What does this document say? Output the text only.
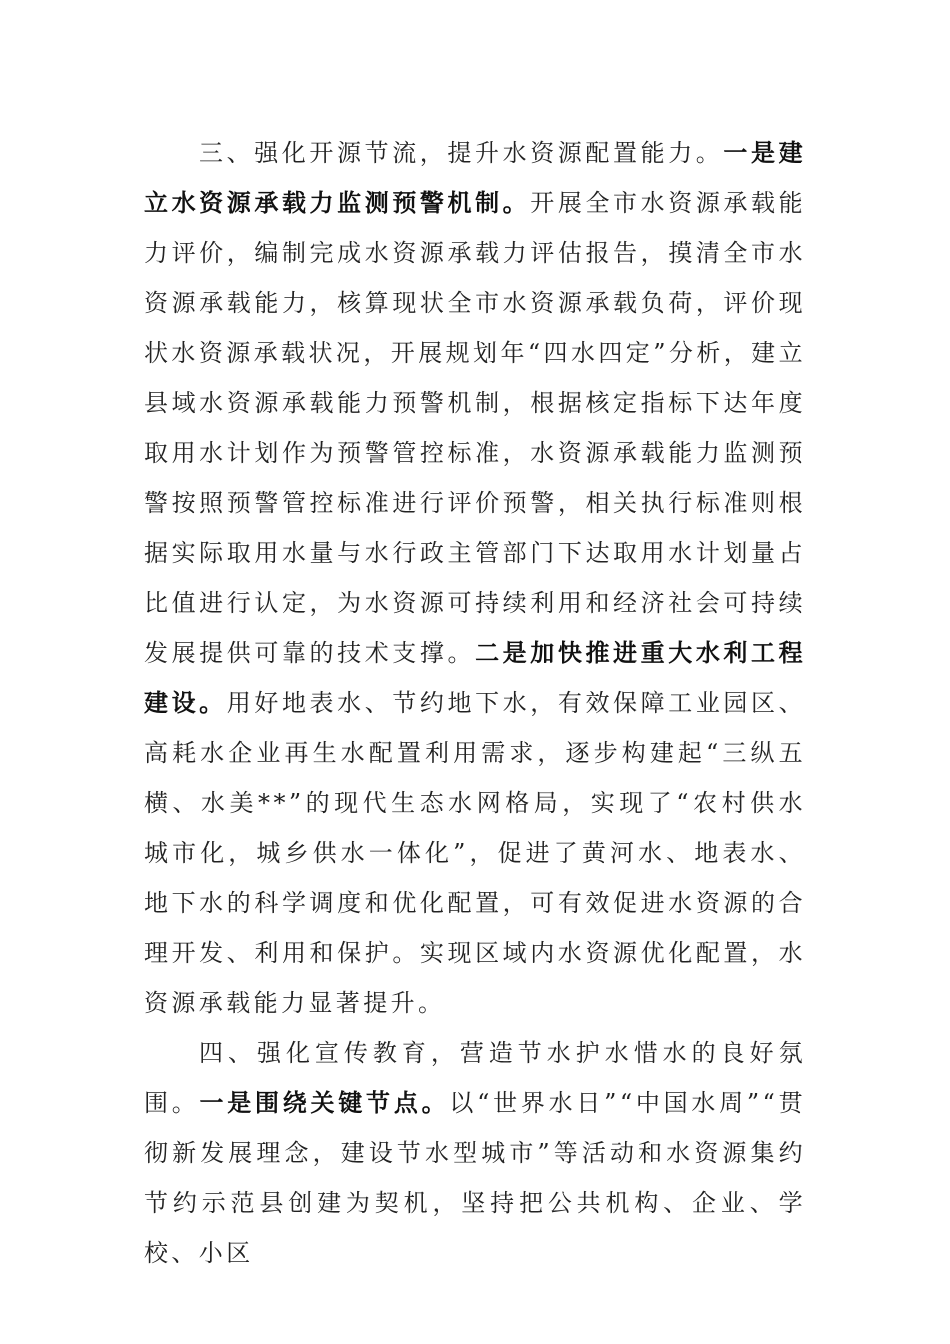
三、强化开源节流，提升水资源配置能力。一是建立水资源承载力监测预警机制。开展全市水资源承载能力评价，编制完成水资源承载力评估报告，摸清全市水资源承载能力，核算现状全市水资源承载负荷，评价现状水资源承载状况，开展规划年“四水四定”分析，建立县域水资源承载能力预警机制，根据核定指标下达年度取用水计划作为预警管控标准，水资源承载能力监测预警按照预警管控标准进行评价预警，相关执行标准则根据实际取用水量与水行政主管部门下达取用水计划量占比值进行认定，为水资源可持续利用和经济社会可持续发展提供可靠的技术支撑。二是加快推进重大水利工程建设。用好地表水、节约地下水，有效保障工业园区、高耗水企业再生水配置利用需求，逐步构建起“三纵五横、水美**”的现代生态水网格局，实现了“农村供水城市化，城乡供水一体化”，促进了黄河水、地表水、地下水的科学调度和优化配置，可有效促进水资源的合理开发、利用和保护。实现区域内水资源优化配置，水资源承载能力显著提升。

四、强化宣传教育，营造节水护水惜水的良好氛围。一是围绕关键节点。以“世界水日”“中国水周”“贯彻新发展理念，建设节水型城市”等活动和水资源集约节约示范县创建为契机，坚持把公共机构、企业、学校、小区
